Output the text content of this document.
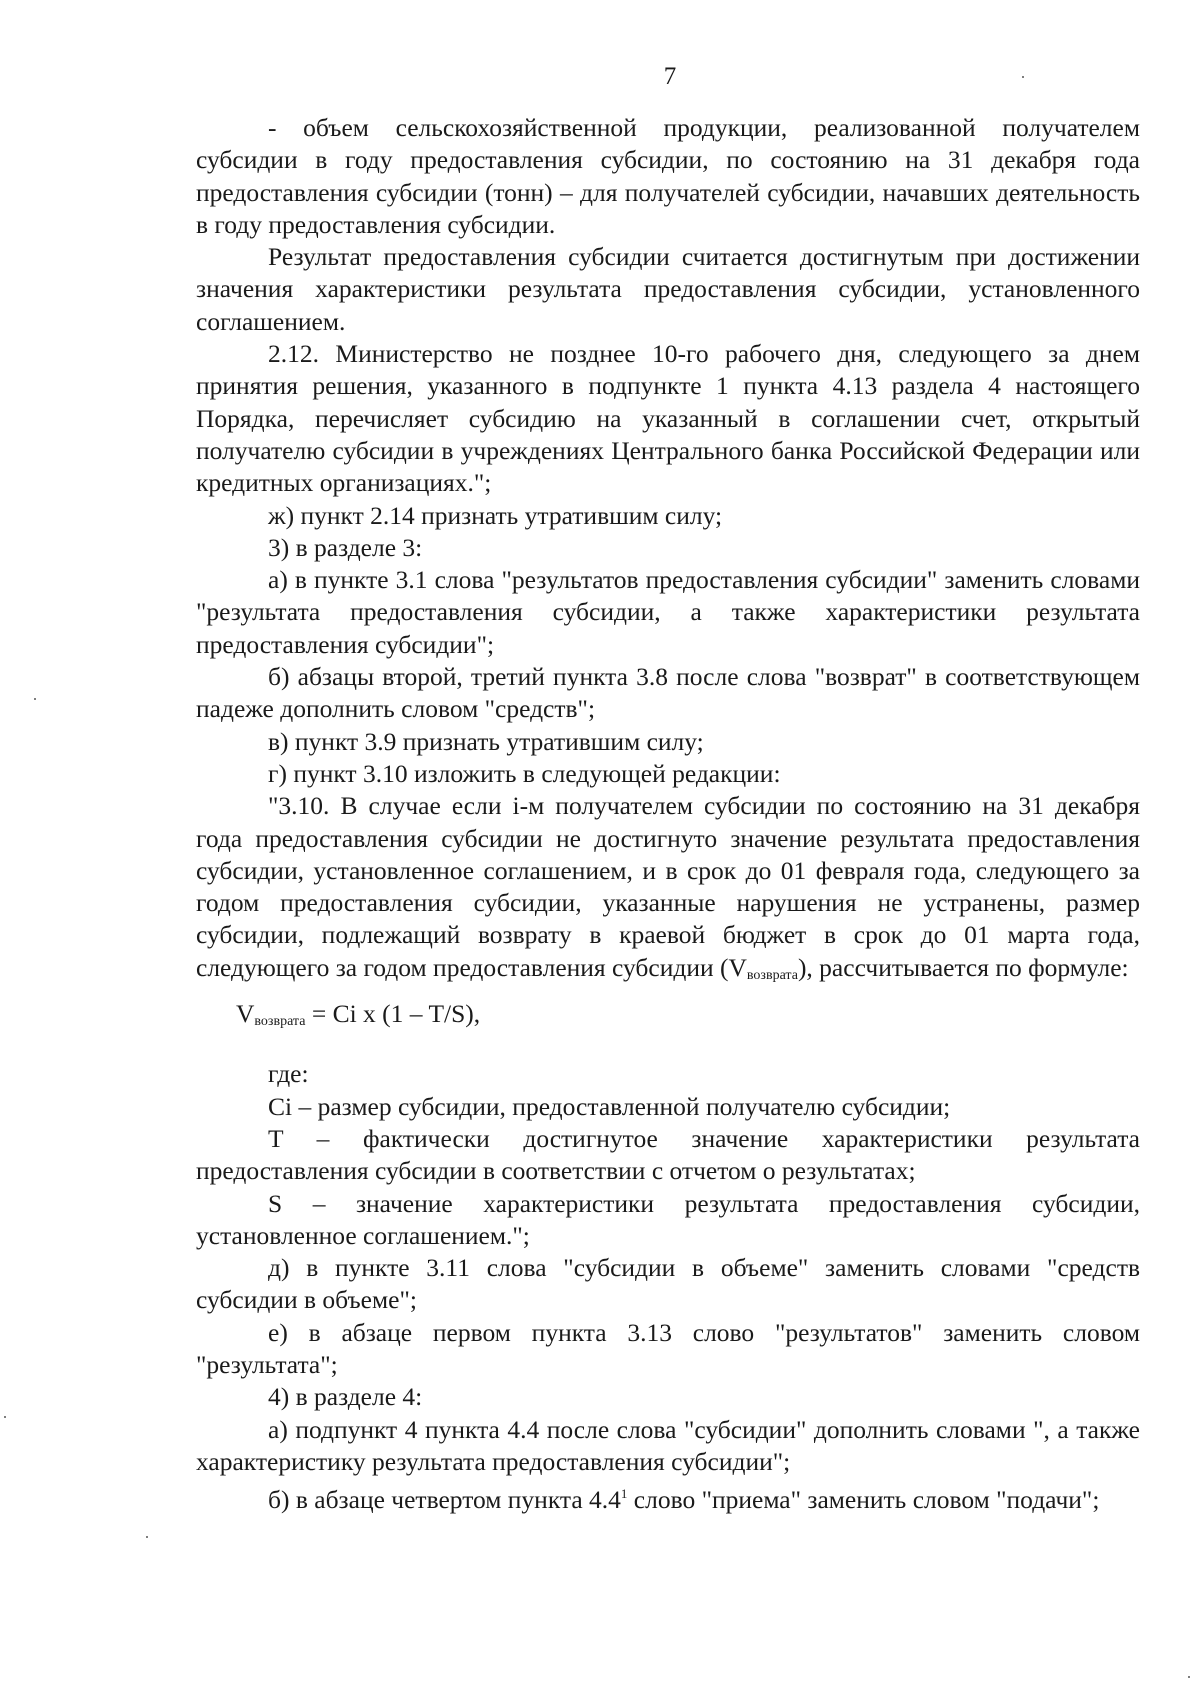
7

- объем сельскохозяйственной продукции, реализованной получателем субсидии в году предоставления субсидии, по состоянию на 31 декабря года предоставления субсидии (тонн) – для получателей субсидии, начавших деятельность в году предоставления субсидии.

Результат предоставления субсидии считается достигнутым при достижении значения характеристики результата предоставления субсидии, установленного соглашением.

2.12. Министерство не позднее 10-го рабочего дня, следующего за днем принятия решения, указанного в подпункте 1 пункта 4.13 раздела 4 настоящего Порядка, перечисляет субсидию на указанный в соглашении счет, открытый получателю субсидии в учреждениях Центрального банка Российской Федерации или кредитных организациях.";

ж) пункт 2.14 признать утратившим силу;

3) в разделе 3:

а) в пункте 3.1 слова "результатов предоставления субсидии" заменить словами "результата предоставления субсидии, а также характеристики результата предоставления субсидии";

б) абзацы второй, третий пункта 3.8 после слова "возврат" в соответствующем падеже дополнить словом "средств";

в) пункт 3.9 признать утратившим силу;

г) пункт 3.10 изложить в следующей редакции:

"3.10. В случае если i-м получателем субсидии по состоянию на 31 декабря года предоставления субсидии не достигнуто значение результата предоставления субсидии, установленное соглашением, и в срок до 01 февраля года, следующего за годом предоставления субсидии, указанные нарушения не устранены, размер субсидии, подлежащий возврату в краевой бюджет в срок до 01 марта года, следующего за годом предоставления субсидии $(V_{возврата})$, рассчитывается по формуле:

$V_{возврата} = Ci$ x (1 – T/S),

где:

Ci – размер субсидии, предоставленной получателю субсидии;

T – фактически достигнутое значение характеристики результата предоставления субсидии в соответствии с отчетом о результатах;

S – значение характеристики результата предоставления субсидии, установленное соглашением.";

д) в пункте 3.11 слова "субсидии в объеме" заменить словами "средств субсидии в объеме";

е) в абзаце первом пункта 3.13 слово "результатов" заменить словом "результата";

4) в разделе 4:

а) подпункт 4 пункта 4.4 после слова "субсидии" дополнить словами ", а также характеристику результата предоставления субсидии";

б) в абзаце четвертом пункта $4.4^1$ слово "приема" заменить словом "подачи";
